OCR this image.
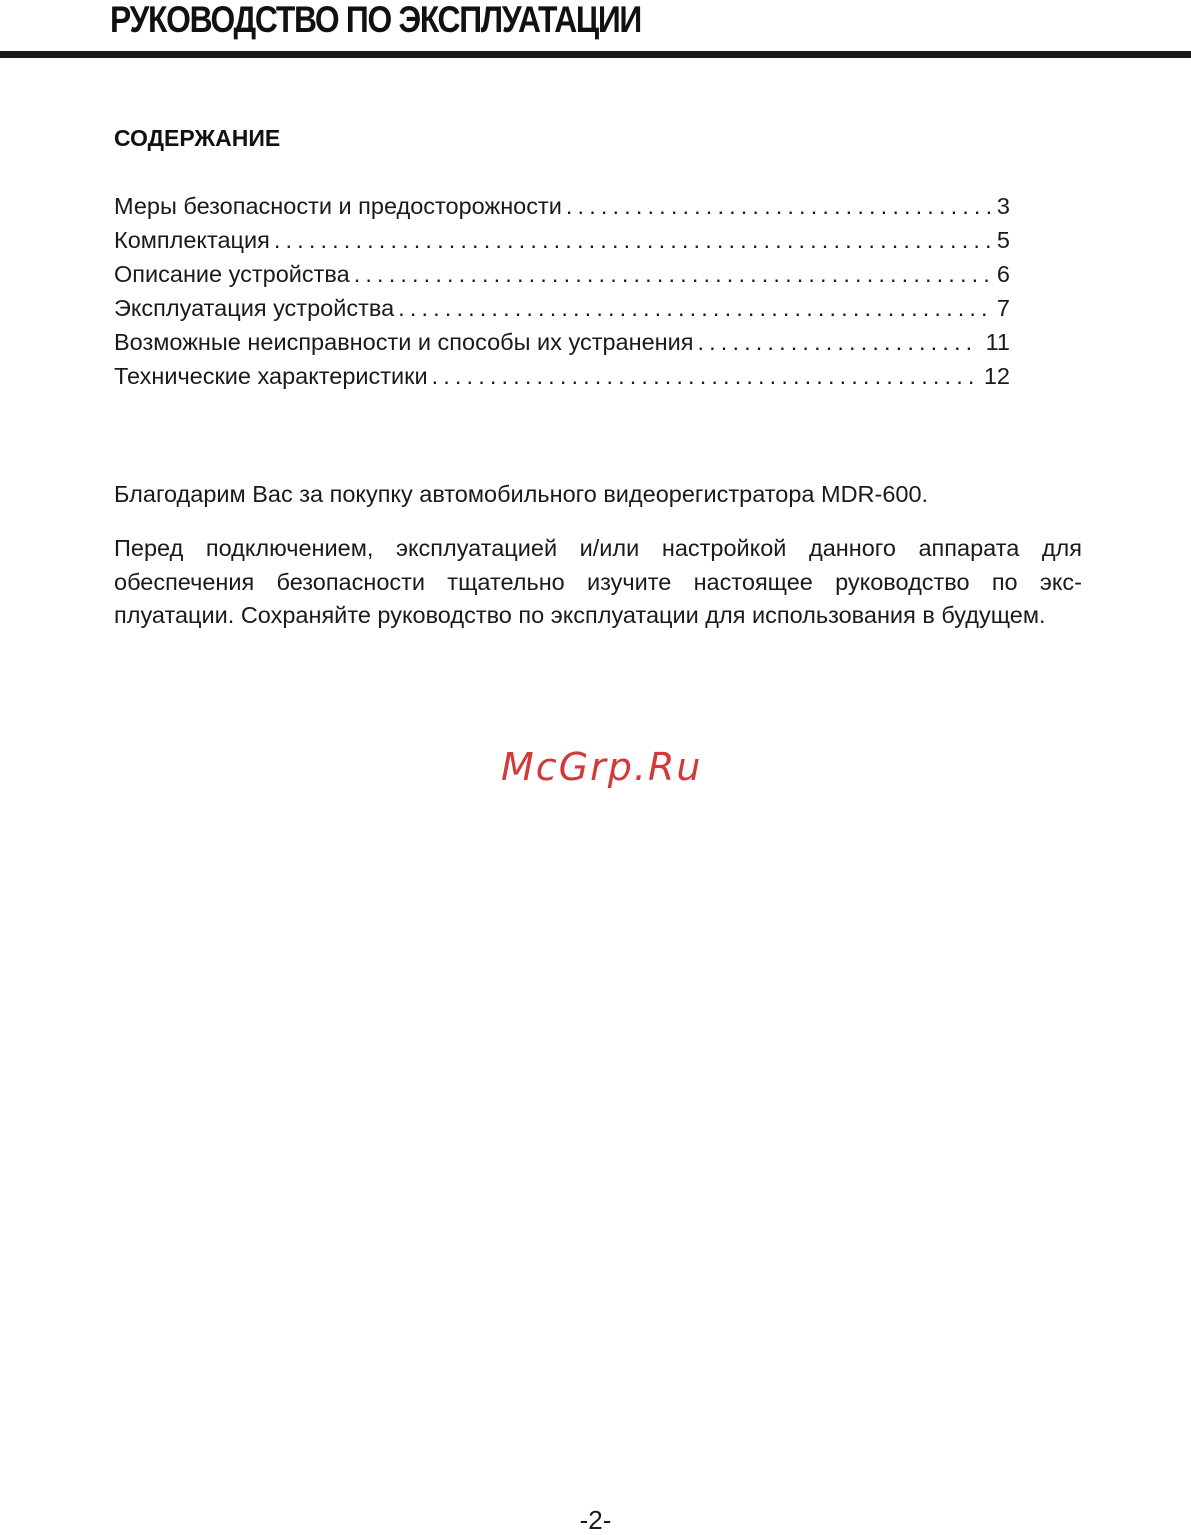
РУКОВОДСТВО ПО ЭКСПЛУАТАЦИИ
СОДЕРЖАНИЕ
Меры безопасности и предосторожности . . .	3
Комплектация . . .	5
Описание устройства . . .	6
Эксплуатация устройства . . .	7
Возможные неисправности и способы их устранения . . .	11
Технические характеристики . . .	12

Благодарим Вас за покупку автомобильного видеорегистратора MDR-600.

Перед подключением, эксплуатацией и/или настройкой данного аппарата для обеспечения безопасности тщательно изучите настоящее руководство по эксплуатации. Сохраняйте руководство по эксплуатации для использования в будущем.

McGrp.Ru
-2-
